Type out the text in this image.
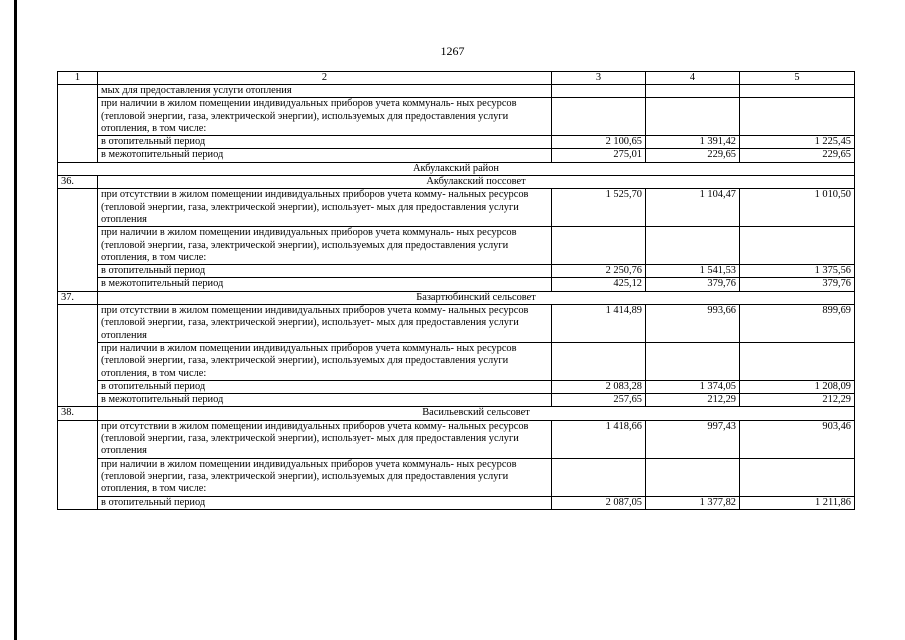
1267
1	2	3	4	5
	мых для предоставления услуги отопления			
	при наличии в жилом помещении индивидуальных приборов учета коммуналь- ных ресурсов (тепловой энергии, газа, электрической энергии), используемых для предоставления услуги отопления, в том числе:			
	в отопительный период	2 100,65	1 391,42	1 225,45
	в межотопительный период	275,01	229,65	229,65
Акбулакский район				
36.	Акбулакский поссовет			
	при отсутствии в жилом помещении индивидуальных приборов учета комму- нальных ресурсов (тепловой энергии, газа, электрической энергии), использует- мых для предоставления услуги отопления	1 525,70	1 104,47	1 010,50
	при наличии в жилом помещении индивидуальных приборов учета коммуналь- ных ресурсов (тепловой энергии, газа, электрической энергии), используемых для предоставления услуги отопления, в том числе:			
	в отопительный период	2 250,76	1 541,53	1 375,56
	в межотопительный период	425,12	379,76	379,76
37.	Базартюбинский сельсовет			
	при отсутствии в жилом помещении индивидуальных приборов учета комму- нальных ресурсов (тепловой энергии, газа, электрической энергии), использует- мых для предоставления услуги отопления	1 414,89	993,66	899,69
	при наличии в жилом помещении индивидуальных приборов учета коммуналь- ных ресурсов (тепловой энергии, газа, электрической энергии), используемых для предоставления услуги отопления, в том числе:			
	в отопительный период	2 083,28	1 374,05	1 208,09
	в межотопительный период	257,65	212,29	212,29
38.	Васильевский сельсовет			
	при отсутствии в жилом помещении индивидуальных приборов учета комму- нальных ресурсов (тепловой энергии, газа, электрической энергии), использует- мых для предоставления услуги отопления	1 418,66	997,43	903,46
	при наличии в жилом помещении индивидуальных приборов учета коммуналь- ных ресурсов (тепловой энергии, газа, электрической энергии), используемых для предоставления услуги отопления, в том числе:			
	в отопительный период	2 087,05	1 377,82	1 211,86
